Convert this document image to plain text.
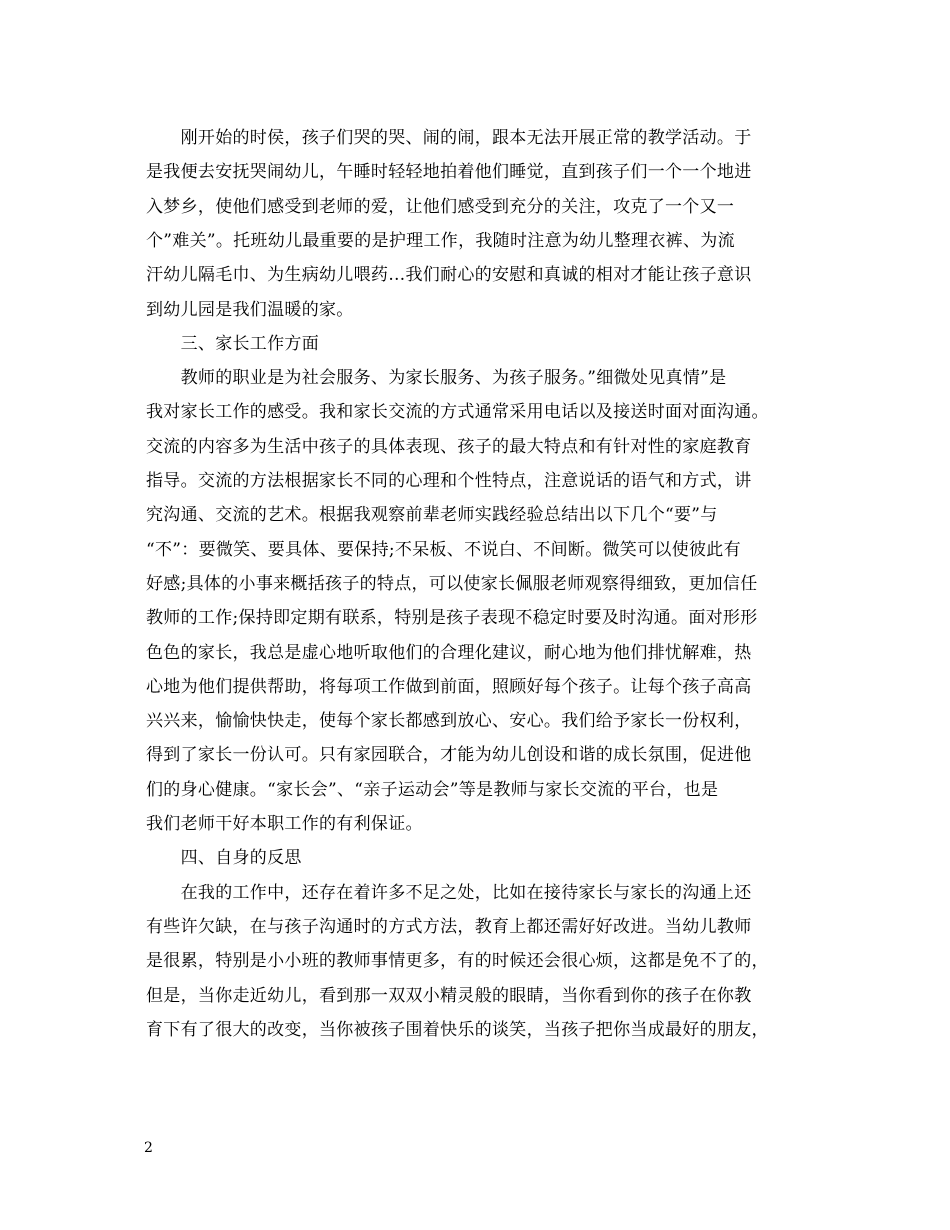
　　刚开始的时侯，孩子们哭的哭、闹的闹，跟本无法开展正常的教学活动。于
是我便去安抚哭闹幼儿，午睡时轻轻地拍着他们睡觉，直到孩子们一个一个地进
入梦乡，使他们感受到老师的爱，让他们感受到充分的关注，攻克了一个又一
个”难关”。托班幼儿最重要的是护理工作，我随时注意为幼儿整理衣裤、为流
汗幼儿隔毛巾、为生病幼儿喂药…我们耐心的安慰和真诚的相对才能让孩子意识
到幼儿园是我们温暖的家。
　　三、家长工作方面
　　教师的职业是为社会服务、为家长服务、为孩子服务。”细微处见真情”是
我对家长工作的感受。我和家长交流的方式通常采用电话以及接送时面对面沟通。
交流的内容多为生活中孩子的具体表现、孩子的最大特点和有针对性的家庭教育
指导。交流的方法根据家长不同的心理和个性特点，注意说话的语气和方式，讲
究沟通、交流的艺术。根据我观察前辈老师实践经验总结出以下几个“要”与
“不”：要微笑、要具体、要保持;不呆板、不说白、不间断。微笑可以使彼此有
好感;具体的小事来概括孩子的特点，可以使家长佩服老师观察得细致，更加信任
教师的工作;保持即定期有联系，特别是孩子表现不稳定时要及时沟通。面对形形
色色的家长，我总是虚心地听取他们的合理化建议，耐心地为他们排忧解难，热
心地为他们提供帮助，将每项工作做到前面，照顾好每个孩子。让每个孩子高高
兴兴来，愉愉快快走，使每个家长都感到放心、安心。我们给予家长一份权利，
得到了家长一份认可。只有家园联合，才能为幼儿创设和谐的成长氛围，促进他
们的身心健康。“家长会”、“亲子运动会”等是教师与家长交流的平台，也是
我们老师干好本职工作的有利保证。
　　四、自身的反思
　　在我的工作中，还存在着许多不足之处，比如在接待家长与家长的沟通上还
有些许欠缺，在与孩子沟通时的方式方法，教育上都还需好好改进。当幼儿教师
是很累，特别是小小班的教师事情更多，有的时候还会很心烦，这都是免不了的，
但是，当你走近幼儿，看到那一双双小精灵般的眼睛，当你看到你的孩子在你教
育下有了很大的改变，当你被孩子围着快乐的谈笑，当孩子把你当成最好的朋友，
2
